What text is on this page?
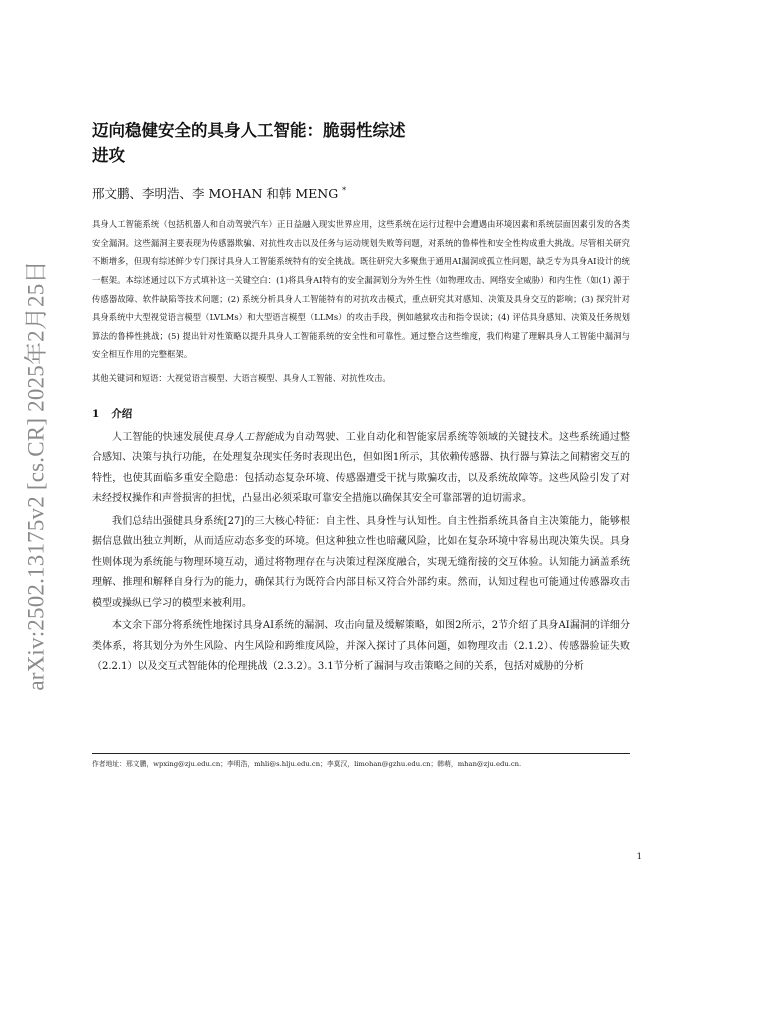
arXiv:2502.13175v2 [cs.CR] 2025年2月25日
迈向稳健安全的具身人工智能：脆弱性综述
进攻
邢文鹏、李明浩、李 MOHAN 和韩 MENG *
具身人工智能系统（包括机器人和自动驾驶汽车）正日益融入现实世界应用，这些系统在运行过程中会遭遇由环境因素和系统层面因素引发的各类安全漏洞。这些漏洞主要表现为传感器欺骗、对抗性攻击以及任务与运动规划失败等问题，对系统的鲁棒性和安全性构成重大挑战。尽管相关研究不断增多，但现有综述鲜少专门探讨具身人工智能系统特有的安全挑战。既往研究大多聚焦于通用AI漏洞或孤立性问题，缺乏专为具身AI设计的统一框架。本综述通过以下方式填补这一关键空白：(1)将具身AI特有的安全漏洞划分为外生性（如物理攻击、网络安全威胁）和内生性（如(1) 源于传感器故障、软件缺陷等技术问题；(2) 系统分析具身人工智能特有的对抗攻击模式，重点研究其对感知、决策及具身交互的影响；(3) 探究针对具身系统中大型视觉语言模型（LVLMs）和大型语言模型（LLMs）的攻击手段，例如越狱攻击和指令误读；(4) 评估具身感知、决策及任务规划算法的鲁棒性挑战；(5) 提出针对性策略以提升具身人工智能系统的安全性和可靠性。通过整合这些维度，我们构建了理解具身人工智能中漏洞与安全相互作用的完整框架。
其他关键词和短语：大视觉语言模型、大语言模型、具身人工智能、对抗性攻击。
1 介绍

人工智能的快速发展使具身人工智能成为自动驾驶、工业自动化和智能家居系统等领域的关键技术。这些系统通过整合感知、决策与执行功能，在处理复杂现实任务时表现出色，但如图1所示，其依赖传感器、执行器与算法之间精密交互的特性，也使其面临多重安全隐患：包括动态复杂环境、传感器遭受干扰与欺骗攻击，以及系统故障等。这些风险引发了对未经授权操作和声誉损害的担忧，凸显出必须采取可靠安全措施以确保其安全可靠部署的迫切需求。

我们总结出强健具身系统[27]的三大核心特征：自主性、具身性与认知性。自主性指系统具备自主决策能力，能够根据信息做出独立判断，从而适应动态多变的环境。但这种独立性也暗藏风险，比如在复杂环境中容易出现决策失误。具身性则体现为系统能与物理环境互动，通过将物理存在与决策过程深度融合，实现无缝衔接的交互体验。认知能力涵盖系统理解、推理和解释自身行为的能力，确保其行为既符合内部目标又符合外部约束。然而，认知过程也可能通过传感器攻击模型或操纵已学习的模型来被利用。

本文余下部分将系统性地探讨具身AI系统的漏洞、攻击向量及缓解策略，如图2所示，2节介绍了具身AI漏洞的详细分类体系，将其划分为外生风险、内生风险和跨维度风险，并深入探讨了具体问题，如物理攻击（2.1.2）、传感器验证失败（2.2.1）以及交互式智能体的伦理挑战（2.3.2）。3.1节分析了漏洞与攻击策略之间的关系，包括对威胁的分析

作者地址：邢文鹏，wpxing@zju.edu.cn；李明浩，mhli@s.hlju.edu.cn；李莫汉，limohan@gzhu.edu.cn；韩萌，mhan@zju.edu.cn.
1
